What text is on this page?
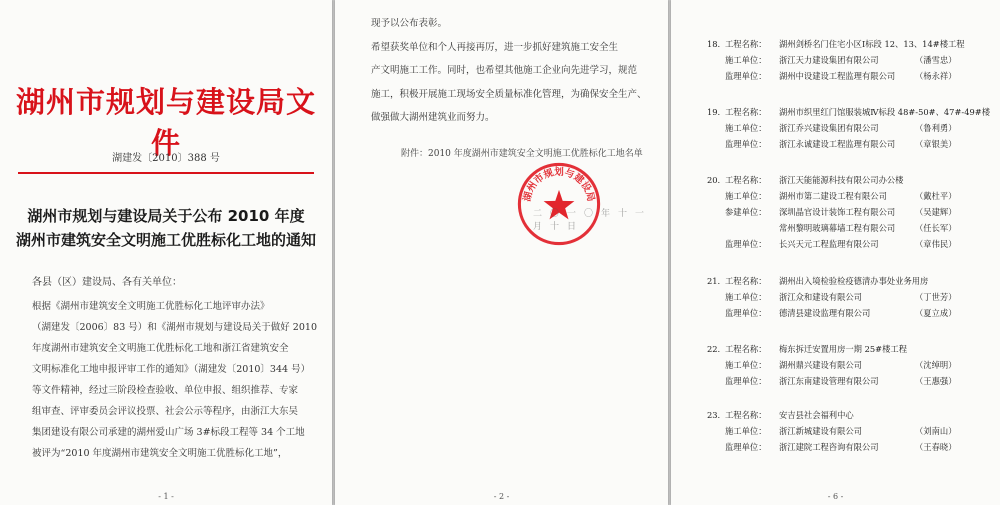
湖州市规划与建设局文件
湖建发〔2010〕388 号
湖州市规划与建设局关于公布 2010 年度
湖州市建筑安全文明施工优胜标化工地的通知
各县（区）建设局、各有关单位：
根据《湖州市建筑安全文明施工优胜标化工地评审办法》
（湖建发〔2006〕83 号）和《湖州市规划与建设局关于做好 2010
年度湖州市建筑安全文明施工优胜标化工地和浙江省建筑安全
文明标准化工地申报评审工作的通知》（湖建发〔2010〕344 号）
等文件精神，经过三阶段检查验收、单位申报、组织推荐、专家
组审查、评审委员会评议投票、社会公示等程序，由浙江大东吴
集团建设有限公司承建的湖州爱山广场 3#标段工程等 34 个工地
被评为“2010 年度湖州市建筑安全文明施工优胜标化工地”，
- 1 -
现予以公布表彰。
希望获奖单位和个人再接再厉，进一步抓好建筑施工安全生
产文明施工工作。同时，也希望其他施工企业向先进学习，规范
施工，积极开展施工现场安全质量标准化管理，为确保安全生产、
做强做大湖州建筑业而努力。
附件：2010 年度湖州市建筑安全文明施工优胜标化工地名单
湖州市规划与建设局
二〇一〇年十一月十日
- 2 -
18. 工程名称： 湖州剑桥名门住宅小区Ⅰ标段 12、13、14#楼工程
施工单位： 浙江天力建设集团有限公司	（潘雪忠）
监理单位： 湖州中设建设工程监理有限公司 （杨永祥）
19. 工程名称： 湖州市织里红门馆服装城Ⅳ标段 48#-50#、47#-49#楼
施工单位： 浙江乔兴建设集团有限公司	（鲁利勇）
监理单位： 浙江永诚建设工程监理有限公司 （章银美）
20. 工程名称： 浙江天能能源科技有限公司办公楼
施工单位： 湖州市第二建设工程有限公司	（戴杜平）
参建单位： 深圳晶官设计装饰工程有限公司 （吴建辉）
常州黎明玻璃幕墙工程有限公司 （任长军）
监理单位： 长兴天元工程监理有限公司	（章伟民）
21. 工程名称： 湖州出入境检验检疫德清办事处业务用房
施工单位： 浙江众和建设有限公司	（丁世芳）
监理单位： 德清县建设监理有限公司	（夏立成）
22. 工程名称： 梅东拆迁安置用房一期 25#楼工程
施工单位： 湖州鼎兴建设有限公司	（沈绰明）
监理单位： 浙江东南建设管理有限公司	（王惠强）
23. 工程名称： 安吉县社会福利中心
施工单位： 浙江新城建设有限公司	（刘南山）
监理单位： 浙江建院工程咨询有限公司	（王春晓）
- 6 -
